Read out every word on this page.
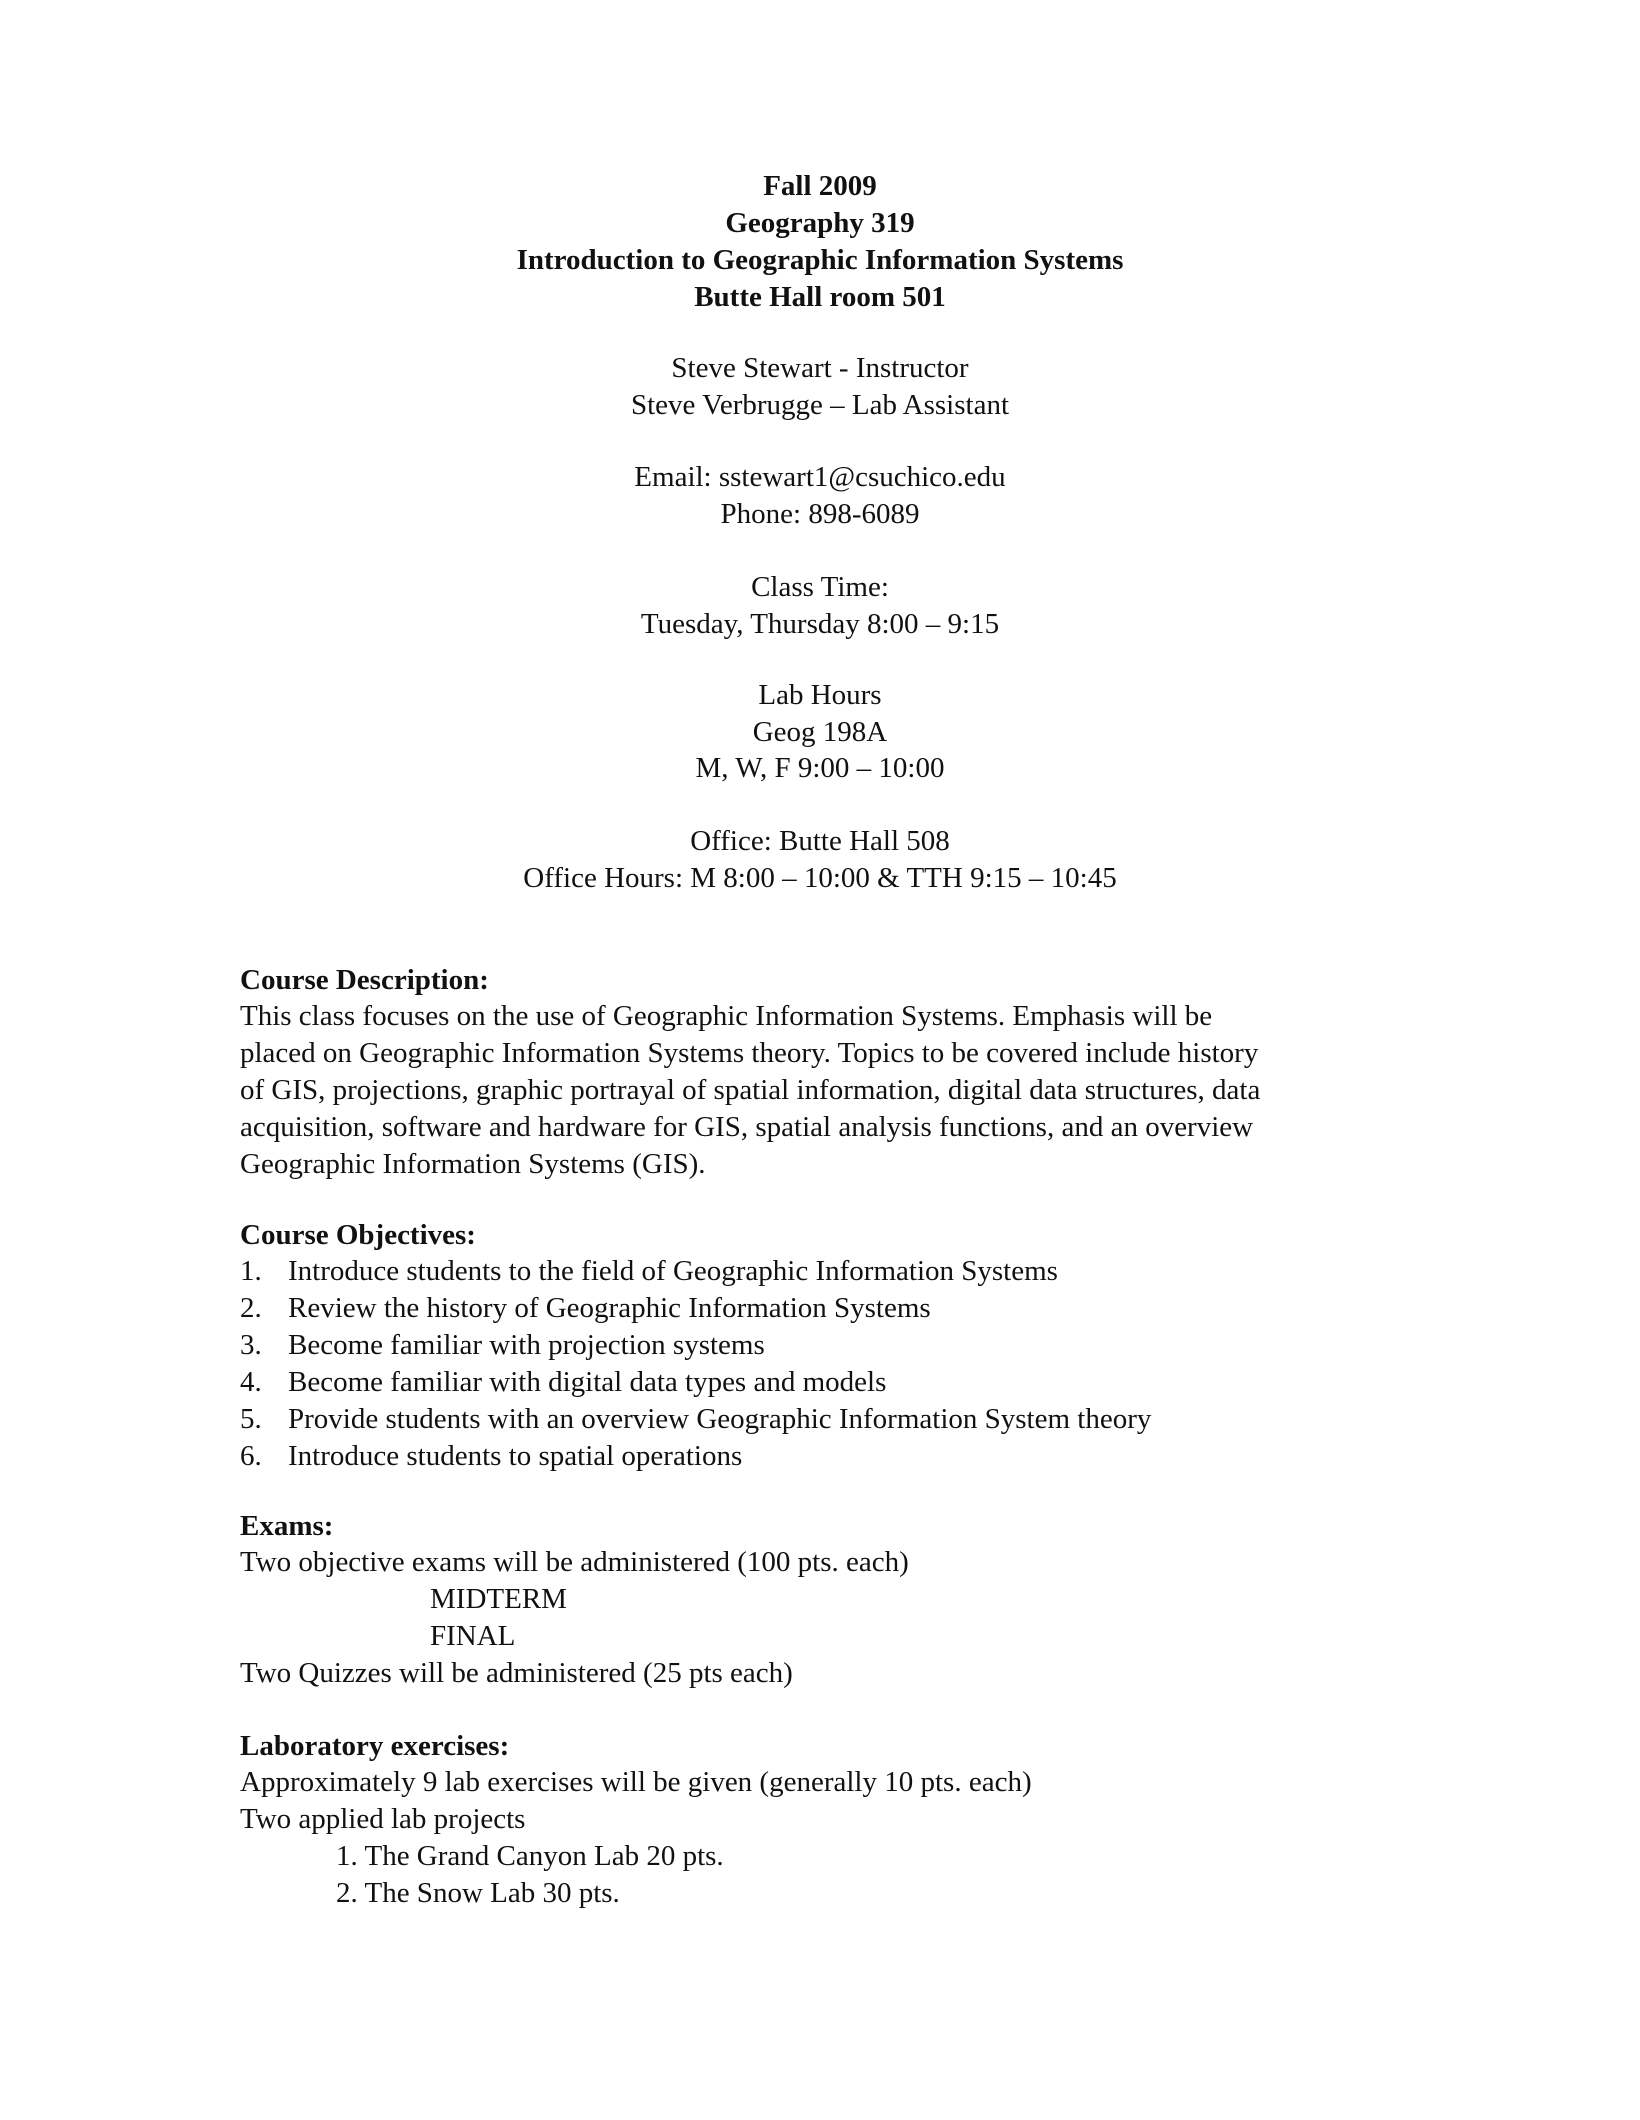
Fall 2009
Geography 319
Introduction to Geographic Information Systems
Butte Hall room 501
Steve Stewart - Instructor
Steve Verbrugge – Lab Assistant
Email: sstewart1@csuchico.edu
Phone: 898-6089
Class Time:
Tuesday, Thursday 8:00 – 9:15
Lab Hours
Geog 198A
M, W, F 9:00 – 10:00
Office: Butte Hall 508
Office Hours: M 8:00 – 10:00 & TTH 9:15 – 10:45
Course Description:
This class focuses on the use of Geographic Information Systems. Emphasis will be
placed on Geographic Information Systems theory. Topics to be covered include history
of GIS, projections, graphic portrayal of spatial information, digital data structures, data
acquisition, software and hardware for GIS, spatial analysis functions, and an overview
Geographic Information Systems (GIS).
Course Objectives:
1. Introduce students to the field of Geographic Information Systems
2. Review the history of Geographic Information Systems
3. Become familiar with projection systems
4. Become familiar with digital data types and models
5. Provide students with an overview Geographic Information System theory
6. Introduce students to spatial operations
Exams:
Two objective exams will be administered (100 pts. each)
MIDTERM
FINAL
Two Quizzes will be administered (25 pts each)
Laboratory exercises:
Approximately 9 lab exercises will be given (generally 10 pts. each)
Two applied lab projects
1. The Grand Canyon Lab 20 pts.
2. The Snow Lab 30 pts.
